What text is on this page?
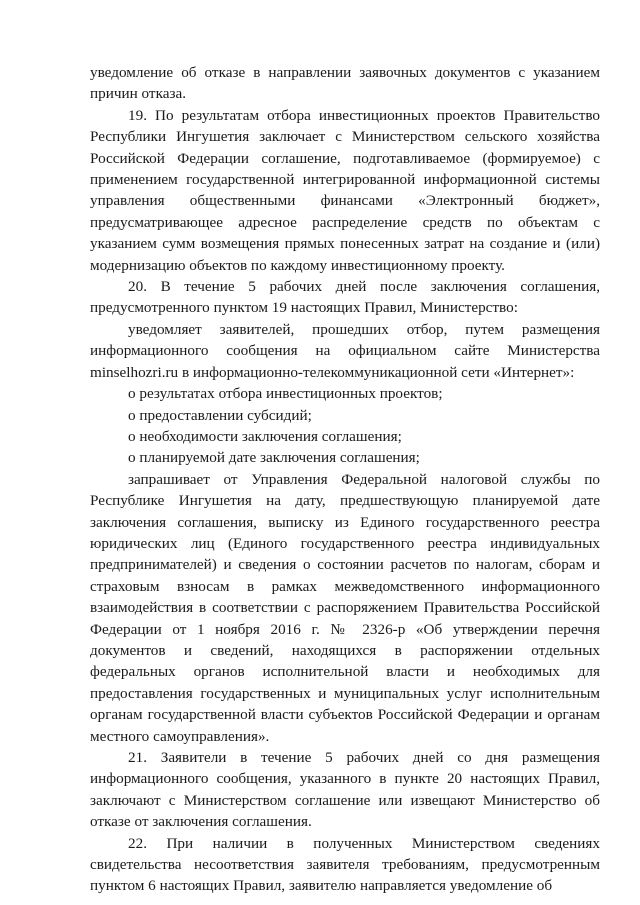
уведомление об отказе в направлении заявочных документов с указанием причин отказа.

19. По результатам отбора инвестиционных проектов Правительство Республики Ингушетия заключает с Министерством сельского хозяйства Российской Федерации соглашение, подготавливаемое (формируемое) с применением государственной интегрированной информационной системы управления общественными финансами «Электронный бюджет», предусматривающее адресное распределение средств по объектам с указанием сумм возмещения прямых понесенных затрат на создание и (или) модернизацию объектов по каждому инвестиционному проекту.

20. В течение 5 рабочих дней после заключения соглашения, предусмотренного пунктом 19 настоящих Правил, Министерство:

уведомляет заявителей, прошедших отбор, путем размещения информационного сообщения на официальном сайте Министерства minselhozri.ru в информационно-телекоммуникационной сети «Интернет»:

о результатах отбора инвестиционных проектов;

о предоставлении субсидий;

о необходимости заключения соглашения;

о планируемой дате заключения соглашения;

запрашивает от Управления Федеральной налоговой службы по Республике Ингушетия на дату, предшествующую планируемой дате заключения соглашения, выписку из Единого государственного реестра юридических лиц (Единого государственного реестра индивидуальных предпринимателей) и сведения о состоянии расчетов по налогам, сборам и страховым взносам в рамках межведомственного информационного взаимодействия в соответствии с распоряжением Правительства Российской Федерации от 1 ноября 2016 г. № 2326-р «Об утверждении перечня документов и сведений, находящихся в распоряжении отдельных федеральных органов исполнительной власти и необходимых для предоставления государственных и муниципальных услуг исполнительным органам государственной власти субъектов Российской Федерации и органам местного самоуправления».

21. Заявители в течение 5 рабочих дней со дня размещения информационного сообщения, указанного в пункте 20 настоящих Правил, заключают с Министерством соглашение или извещают Министерство об отказе от заключения соглашения.

22. При наличии в полученных Министерством сведениях свидетельства несоответствия заявителя требованиям, предусмотренным пунктом 6 настоящих Правил, заявителю направляется уведомление об
